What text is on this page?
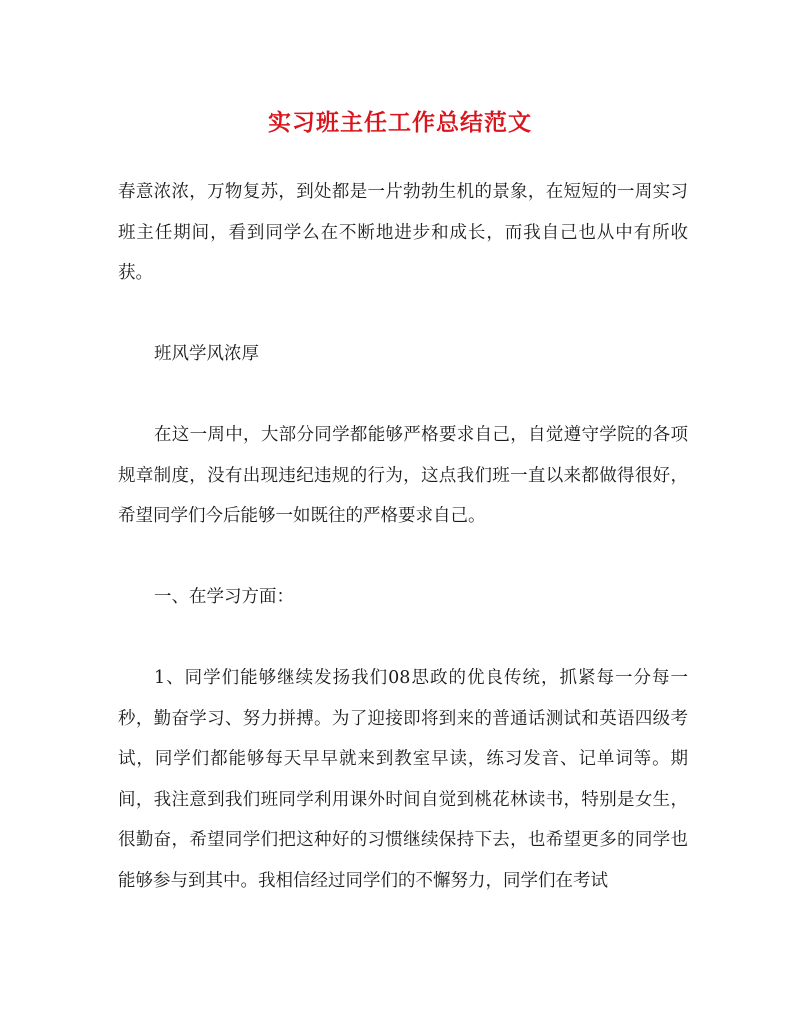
实习班主任工作总结范文

春意浓浓，万物复苏，到处都是一片勃勃生机的景象，在短短的一周实习班主任期间，看到同学么在不断地进步和成长，而我自己也从中有所收获。

班风学风浓厚

在这一周中，大部分同学都能够严格要求自己，自觉遵守学院的各项规章制度，没有出现违纪违规的行为，这点我们班一直以来都做得很好，希望同学们今后能够一如既往的严格要求自己。

一、在学习方面：

1、同学们能够继续发扬我们08思政的优良传统，抓紧每一分每一秒，勤奋学习、努力拼搏。为了迎接即将到来的普通话测试和英语四级考试，同学们都能够每天早早就来到教室早读，练习发音、记单词等。期间，我注意到我们班同学利用课外时间自觉到桃花林读书，特别是女生，很勤奋，希望同学们把这种好的习惯继续保持下去，也希望更多的同学也能够参与到其中。我相信经过同学们的不懈努力，同学们在考试
